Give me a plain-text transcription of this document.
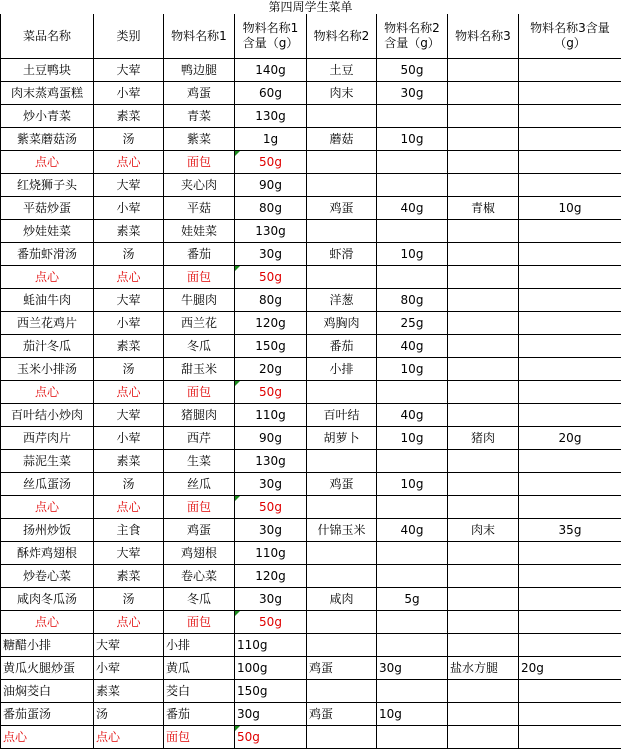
第四周学生菜单
菜品名称	类别	物料名称1	物料名称1含量（g）	物料名称2	物料名称2含量（g）	物料名称3	物料名称3含量（g）
土豆鸭块	大荤	鸭边腿	140g	土豆	50g		
肉末蒸鸡蛋糕	小荤	鸡蛋	60g	肉末	30g		
炒小青菜	素菜	青菜	130g				
紫菜蘑菇汤	汤	紫菜	1g	蘑菇	10g		
点心	点心	面包	50g				
红烧狮子头	大荤	夹心肉	90g				
平菇炒蛋	小荤	平菇	80g	鸡蛋	40g	青椒	10g
炒娃娃菜	素菜	娃娃菜	130g				
番茄虾滑汤	汤	番茄	30g	虾滑	10g		
点心	点心	面包	50g				
蚝油牛肉	大荤	牛腿肉	80g	洋葱	80g		
西兰花鸡片	小荤	西兰花	120g	鸡胸肉	25g		
茄汁冬瓜	素菜	冬瓜	150g	番茄	40g		
玉米小排汤	汤	甜玉米	20g	小排	10g		
点心	点心	面包	50g				
百叶结小炒肉	大荤	猪腿肉	110g	百叶结	40g		
西芹肉片	小荤	西芹	90g	胡萝卜	10g	猪肉	20g
蒜泥生菜	素菜	生菜	130g				
丝瓜蛋汤	汤	丝瓜	30g	鸡蛋	10g		
点心	点心	面包	50g				
扬州炒饭	主食	鸡蛋	30g	什锦玉米	40g	肉末	35g
酥炸鸡翅根	大荤	鸡翅根	110g				
炒卷心菜	素菜	卷心菜	120g				
咸肉冬瓜汤	汤	冬瓜	30g	咸肉	5g		
点心	点心	面包	50g				
糖醋小排	大荤	小排	110g				
黄瓜火腿炒蛋	小荤	黄瓜	100g	鸡蛋	30g	盐水方腿	20g
油焖茭白	素菜	茭白	150g				
番茄蛋汤	汤	番茄	30g	鸡蛋	10g		
点心	点心	面包	50g				
